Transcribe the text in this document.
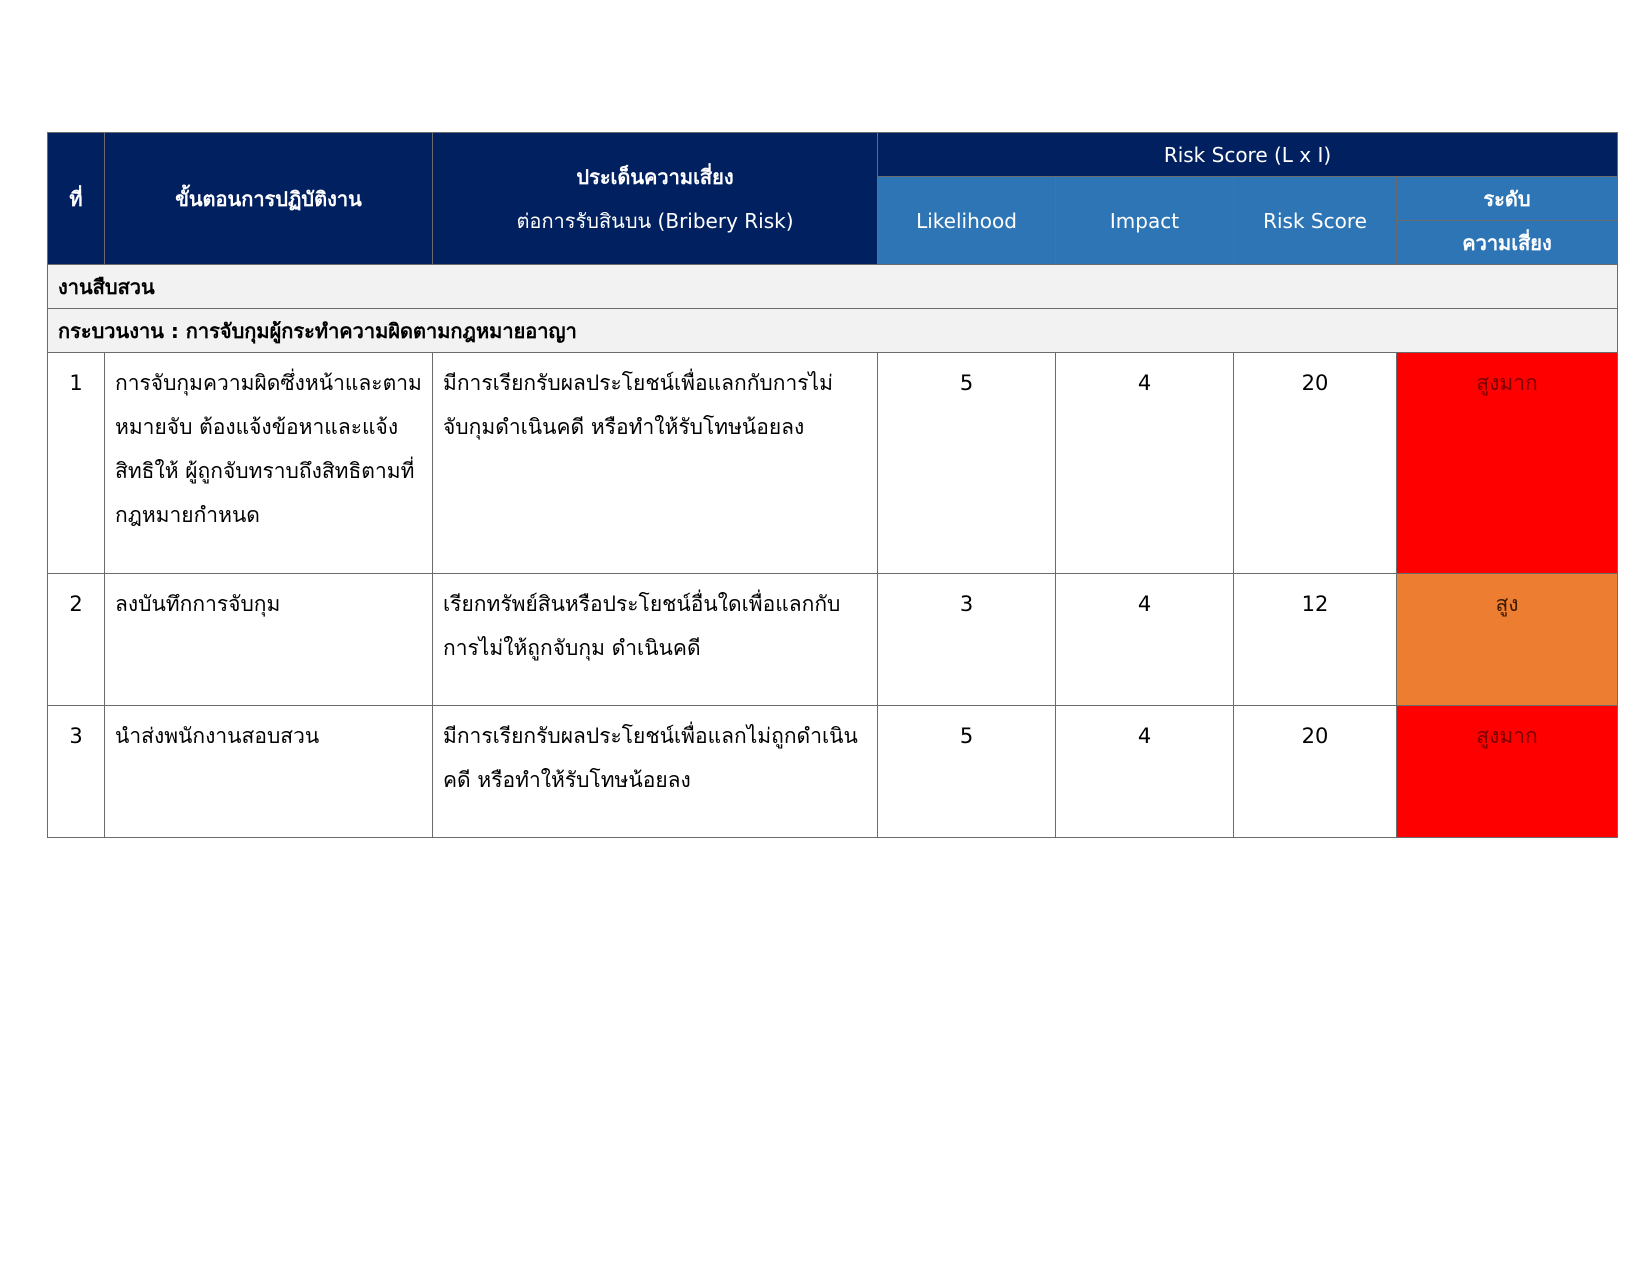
ที่	ขั้นตอนการปฏิบัติงาน	ประเด็นความเสี่ยง
ต่อการรับสินบน (Bribery Risk)	Risk Score (L x I)			
			Likelihood	Impact	Risk Score	ระดับ
						ความเสี่ยง
งานสืบสวน						
กระบวนงาน : การจับกุมผู้กระทำความผิดตามกฎหมายอาญา						
1	การจับกุมความผิดซึ่งหน้าและตามหมายจับ ต้องแจ้งข้อหาและแจ้งสิทธิให้ ผู้ถูกจับทราบถึงสิทธิตามที่กฎหมายกำหนด	มีการเรียกรับผลประโยชน์เพื่อแลกกับการไม่จับกุมดำเนินคดี หรือทำให้รับโทษน้อยลง	5	4	20	สูงมาก
2	ลงบันทึกการจับกุม	เรียกทรัพย์สินหรือประโยชน์อื่นใดเพื่อแลกกับการไม่ให้ถูกจับกุม ดำเนินคดี	3	4	12	สูง
3	นำส่งพนักงานสอบสวน	มีการเรียกรับผลประโยชน์เพื่อแลกไม่ถูกดำเนินคดี หรือทำให้รับโทษน้อยลง	5	4	20	สูงมาก
